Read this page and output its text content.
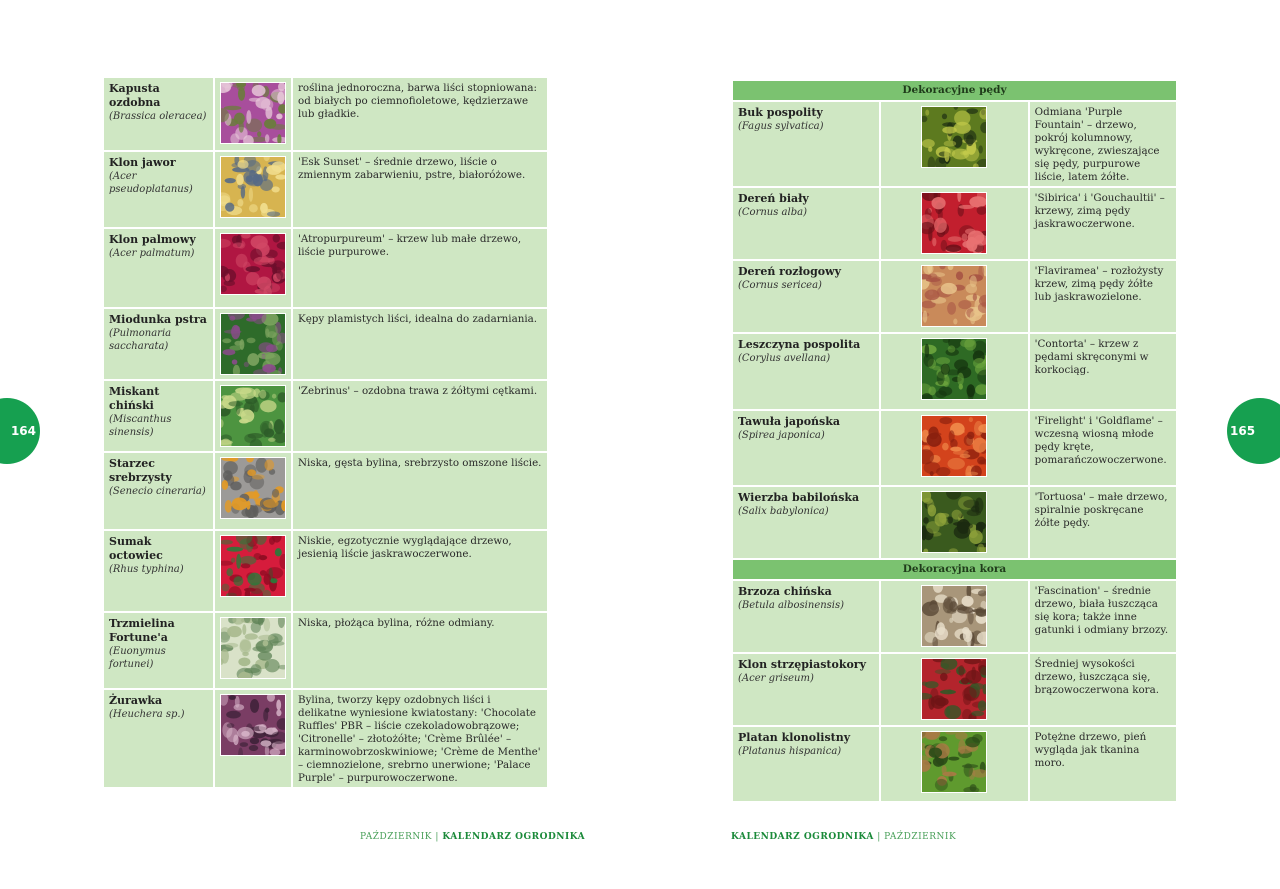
Kapusta ozdobna
(Brassica oleracea)		roślina jednoroczna, barwa liści stopniowana: od białych po ciemnofioletowe, kędzierzawe lub gładkie.

Klon jawor
(Acer pseudoplatanus)		'Esk Sunset' – średnie drzewo, liście o zmiennym zabarwieniu, pstre, białoróżowe.

Klon palmowy
(Acer palmatum)		'Atropurpureum' – krzew lub małe drzewo, liście purpurowe.

Miodunka pstra
(Pulmonaria saccharata)		Kępy plamistych liści, idealna do zadarniania.

Miskant chiński
(Miscanthus sinensis)		'Zebrinus' – ozdobna trawa z żółtymi cętkami.

Starzec srebrzysty
(Senecio cineraria)		Niska, gęsta bylina, srebrzysto omszone liście.

Sumak octowiec
(Rhus typhina)		Niskie, egzotycznie wyglądające drzewo, jesienią liście jaskrawoczerwone.

Trzmielina Fortune'a
(Euonymus fortunei)		Niska, płożąca bylina, różne odmiany.

Żurawka
(Heuchera sp.)		Bylina, tworzy kępy ozdobnych liści i delikatne wyniesione kwiatostany: 'Chocolate Ruffles' PBR – liście czekoladowobrązowe; 'Citronelle' – złotożółte; 'Crème Brûlée' – karminowobrzoskwiniowe; 'Crème de Menthe' – ciemnozielone, srebrno unerwione; 'Palace Purple' – purpurowoczerwone.
Dekoracyjne pędy		

Buk pospolity
(Fagus sylvatica)		Odmiana 'Purple Fountain' – drzewo, pokrój kolumnowy, wykręcone, zwieszające się pędy, purpurowe liście, latem żółte.

Dereń biały
(Cornus alba)		'Sibirica' i 'Gouchaultii' – krzewy, zimą pędy jaskrawoczerwone.

Dereń rozłogowy
(Cornus sericea)		'Flaviramea' – rozłożysty krzew, zimą pędy żółte lub jaskrawozielone.

Leszczyna pospolita
(Corylus avellana)		'Contorta' – krzew z pędami skręconymi w korkociąg.

Tawuła japońska
(Spirea japonica)		'Firelight' i 'Goldflame' – wczesną wiosną młode pędy kręte, pomarańczowoczerwone.

Wierzba babilońska
(Salix babylonica)		'Tortuosa' – małe drzewo, spiralnie poskręcane żółte pędy.

Dekoracyjna kora		

Brzoza chińska
(Betula albosinensis)		'Fascination' – średnie drzewo, biała łuszcząca się kora; także inne gatunki i odmiany brzozy.

Klon strzępiastokory
(Acer griseum)		Średniej wysokości drzewo, łuszcząca się, brązowoczerwona kora.

Platan klonolistny
(Platanus hispanica)		Potężne drzewo, pień wygląda jak tkanina moro.
164	165
PAŹDZIERNIK | KALENDARZ OGRODNIKA	KALENDARZ OGRODNIKA | PAŹDZIERNIK
